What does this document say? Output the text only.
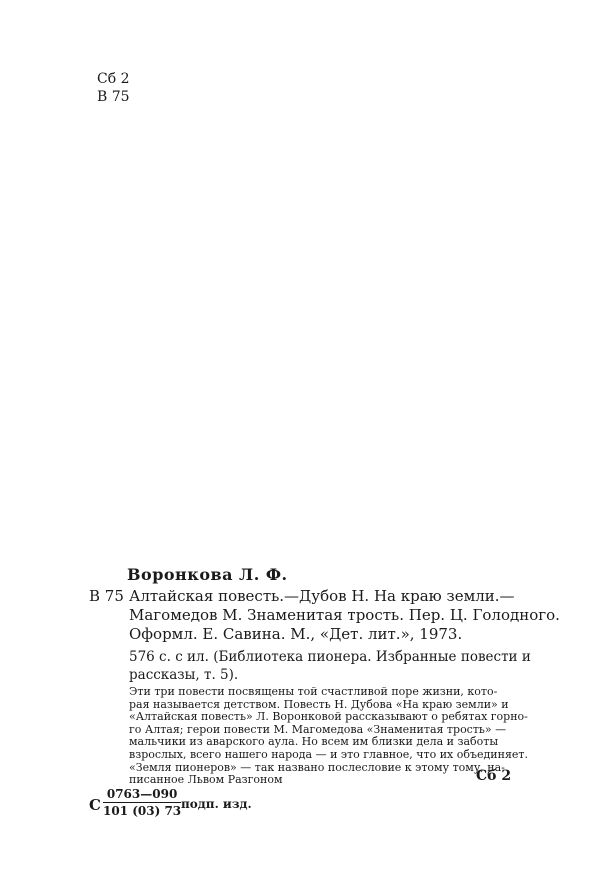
Сб 2
В 75
Воронкова Л. Ф.
В 75 Алтайская повесть.—Дубов Н. На краю земли.—
Магомедов М. Знаменитая трость. Пер. Ц. Голодного.
Оформл. Е. Савина. М., «Дет. лит.», 1973.
576 с. с ил. (Библиотека пионера. Избранные повести и
рассказы, т. 5).
Эти три повести посвящены той счастливой поре жизни, кото-
рая называется детством. Повесть Н. Дубова «На краю земли» и
«Алтайская повесть» Л. Воронковой рассказывают о ребятах горно-
го Алтая; герои повести М. Магомедова «Знаменитая трость» —
мальчики из аварского аула. Но всем им близки дела и заботы
взрослых, всего нашего народа — и это главное, что их объединяет.
«Земля пионеров» — так названо послесловие к этому тому, на-
писанное Львом Разгоном	Сб 2
С $\frac{0763—090}{101 (03) 73}$ подп. изд.
